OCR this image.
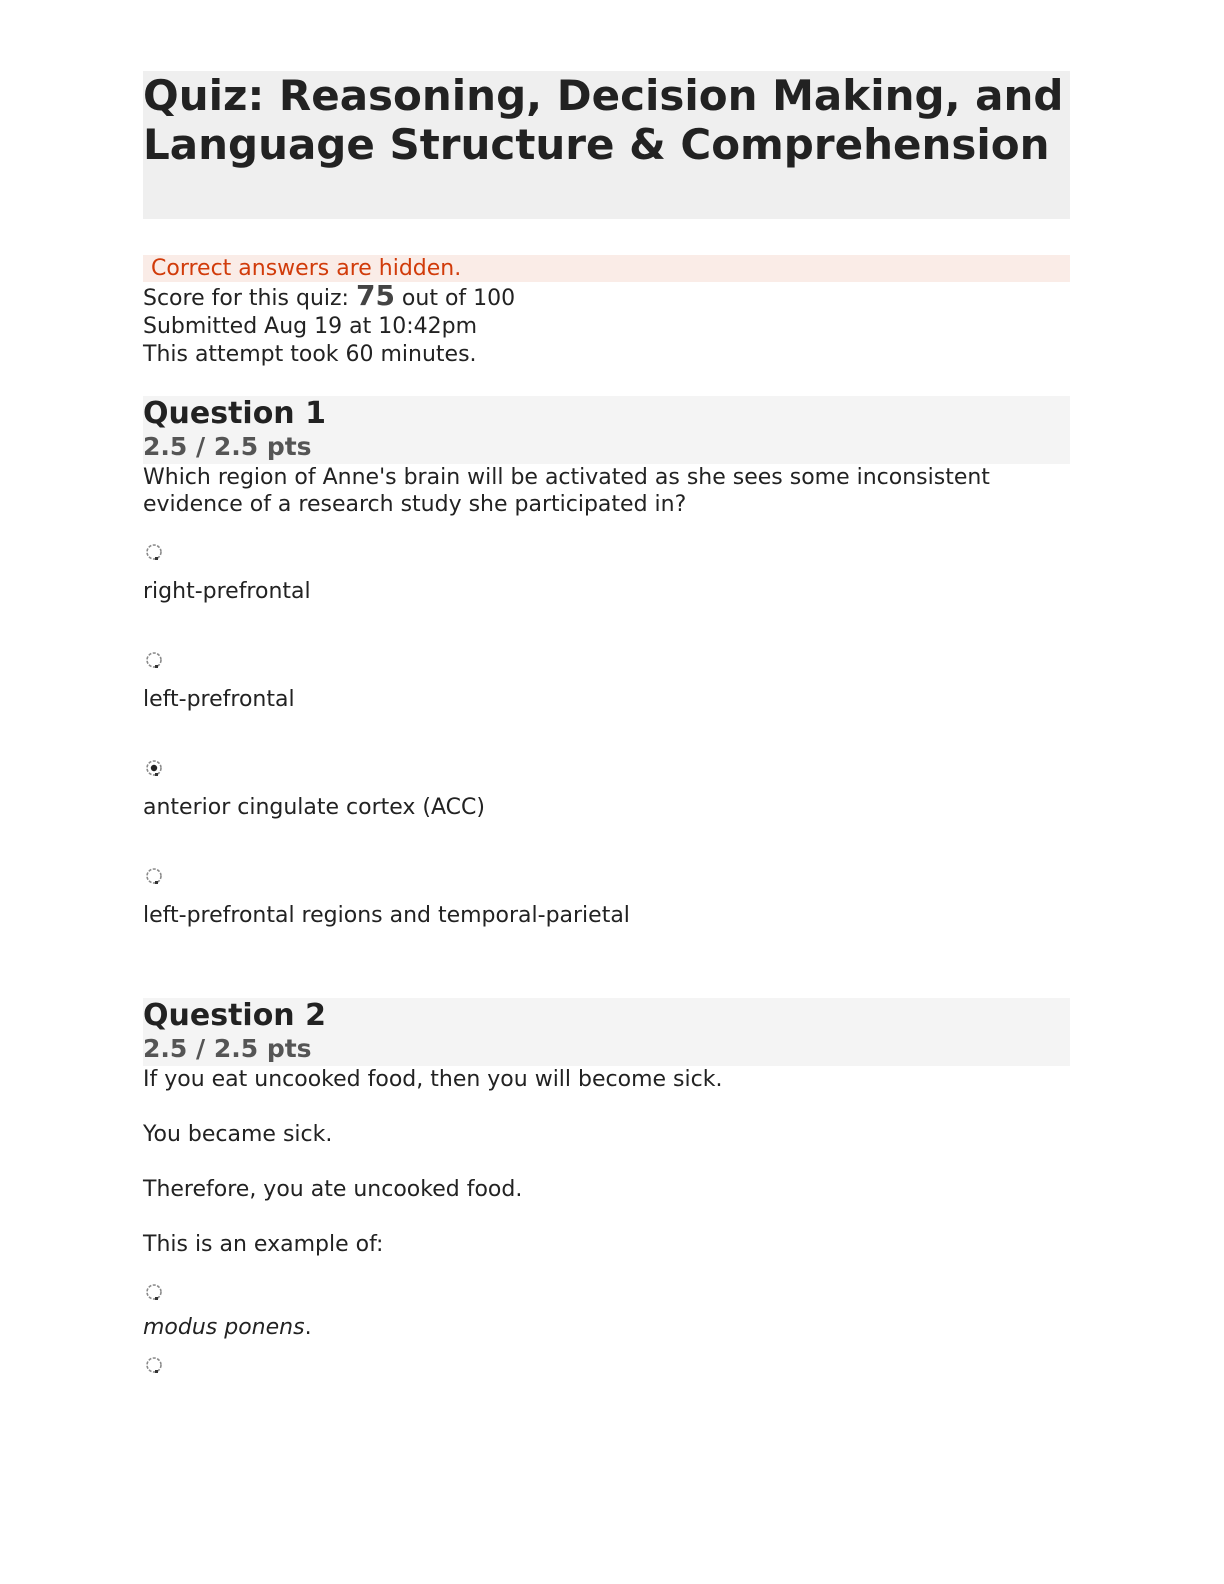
Quiz: Reasoning, Decision Making, and Language Structure & Comprehension
Correct answers are hidden.
Score for this quiz: 75 out of 100
Submitted Aug 19 at 10:42pm
This attempt took 60 minutes.
Question 1
2.5 / 2.5 pts

Which region of Anne's brain will be activated as she sees some inconsistent evidence of a research study she participated in?

right-prefrontal
left-prefrontal
anterior cingulate cortex (ACC)
left-prefrontal regions and temporal-parietal
Question 2
2.5 / 2.5 pts

If you eat uncooked food, then you will become sick.

You became sick.

Therefore, you ate uncooked food.

This is an example of:

modus ponens.
